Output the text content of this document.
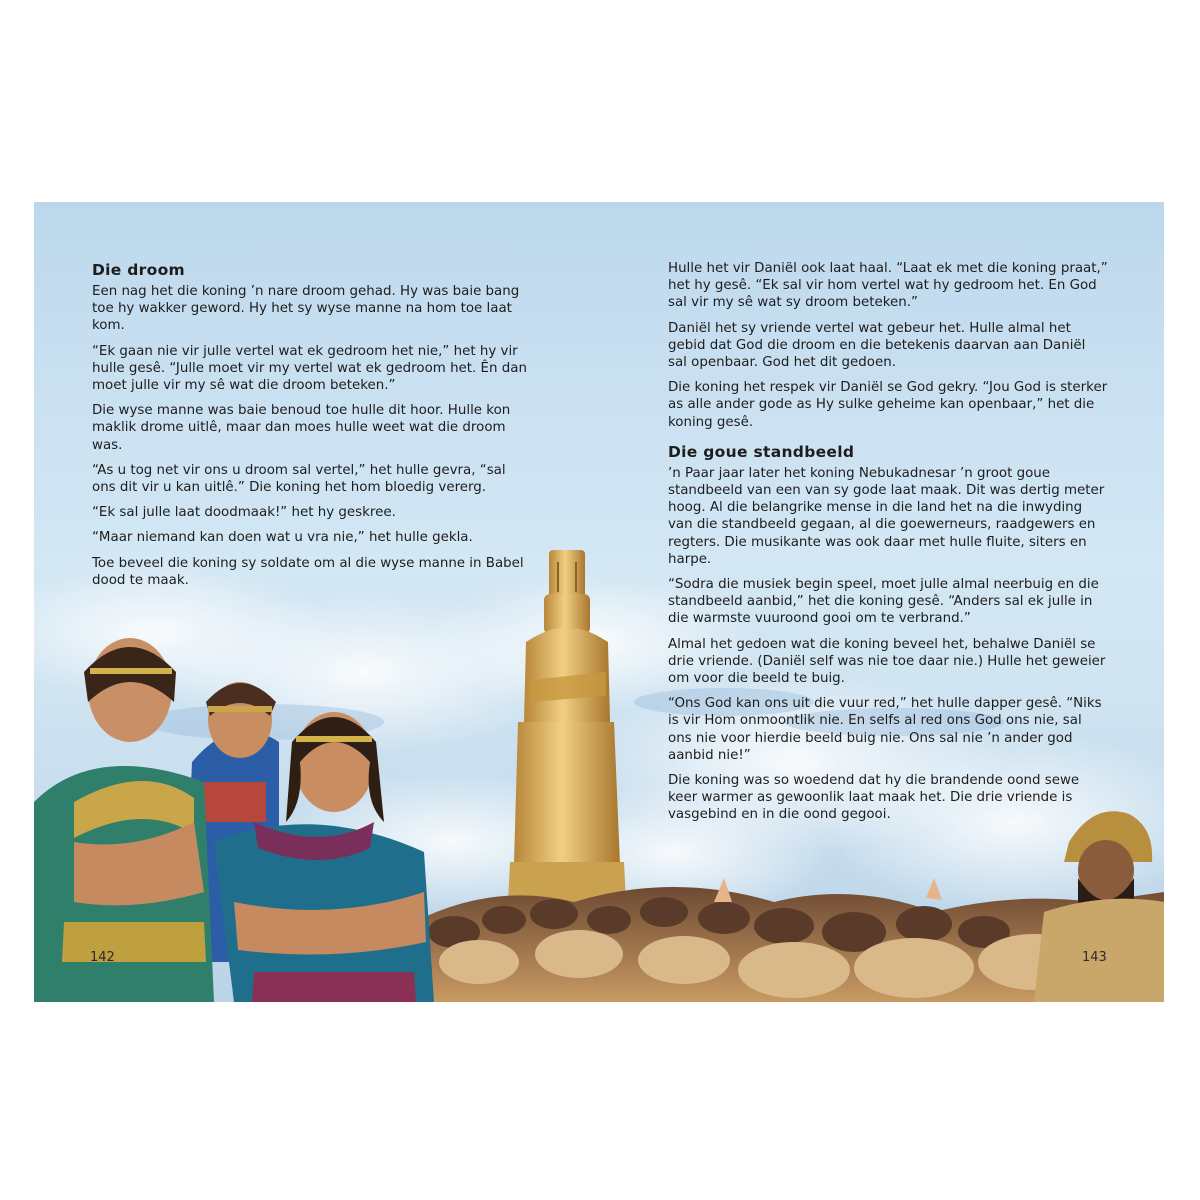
Die droom

Een nag het die koning ’n nare droom gehad. Hy was baie bang toe hy wakker geword. Hy het sy wyse manne na hom toe laat kom.

“Ek gaan nie vir julle vertel wat ek gedroom het nie,” het hy vir hulle gesê. “Julle moet vir my vertel wat ek gedroom het. Ên dan moet julle vir my sê wat die droom beteken.”

Die wyse manne was baie benoud toe hulle dit hoor. Hulle kon maklik drome uitlê, maar dan moes hulle weet wat die droom was.

“As u tog net vir ons u droom sal vertel,” het hulle gevra, “sal ons dit vir u kan uitlê.” Die koning het hom bloedig vererg.

“Ek sal julle laat doodmaak!” het hy geskree.

“Maar niemand kan doen wat u vra nie,” het hulle gekla.

Toe beveel die koning sy soldate om al die wyse manne in Babel dood te maak.

Hulle het vir Daniël ook laat haal. “Laat ek met die koning praat,” het hy gesê. “Ek sal vir hom vertel wat hy gedroom het. En God sal vir my sê wat sy droom beteken.”

Daniël het sy vriende vertel wat gebeur het. Hulle almal het gebid dat God die droom en die betekenis daarvan aan Daniël sal openbaar. God het dit gedoen.

Die koning het respek vir Daniël se God gekry. “Jou God is sterker as alle ander gode as Hy sulke geheime kan openbaar,” het die koning gesê.

Die goue standbeeld

’n Paar jaar later het koning Nebukadnesar ’n groot goue standbeeld van een van sy gode laat maak. Dit was dertig meter hoog. Al die belangrike mense in die land het na die inwyding van die standbeeld gegaan, al die goewerneurs, raadgewers en regters. Die musikante was ook daar met hulle fluite, siters en harpe.

“Sodra die musiek begin speel, moet julle almal neerbuig en die standbeeld aanbid,” het die koning gesê. “Anders sal ek julle in die warmste vuuroond gooi om te verbrand.”

Almal het gedoen wat die koning beveel het, behalwe Daniël se drie vriende. (Daniël self was nie toe daar nie.) Hulle het geweier om voor die beeld te buig.

“Ons God kan ons uit die vuur red,” het hulle dapper gesê. “Niks is vir Hom onmoontlik nie. En selfs al red ons God ons nie, sal ons nie voor hierdie beeld buig nie. Ons sal nie ’n ander god aanbid nie!”

Die koning was so woedend dat hy die brandende oond sewe keer warmer as gewoonlik laat maak het. Die drie vriende is vasgebind en in die oond gegooi.

142	143
